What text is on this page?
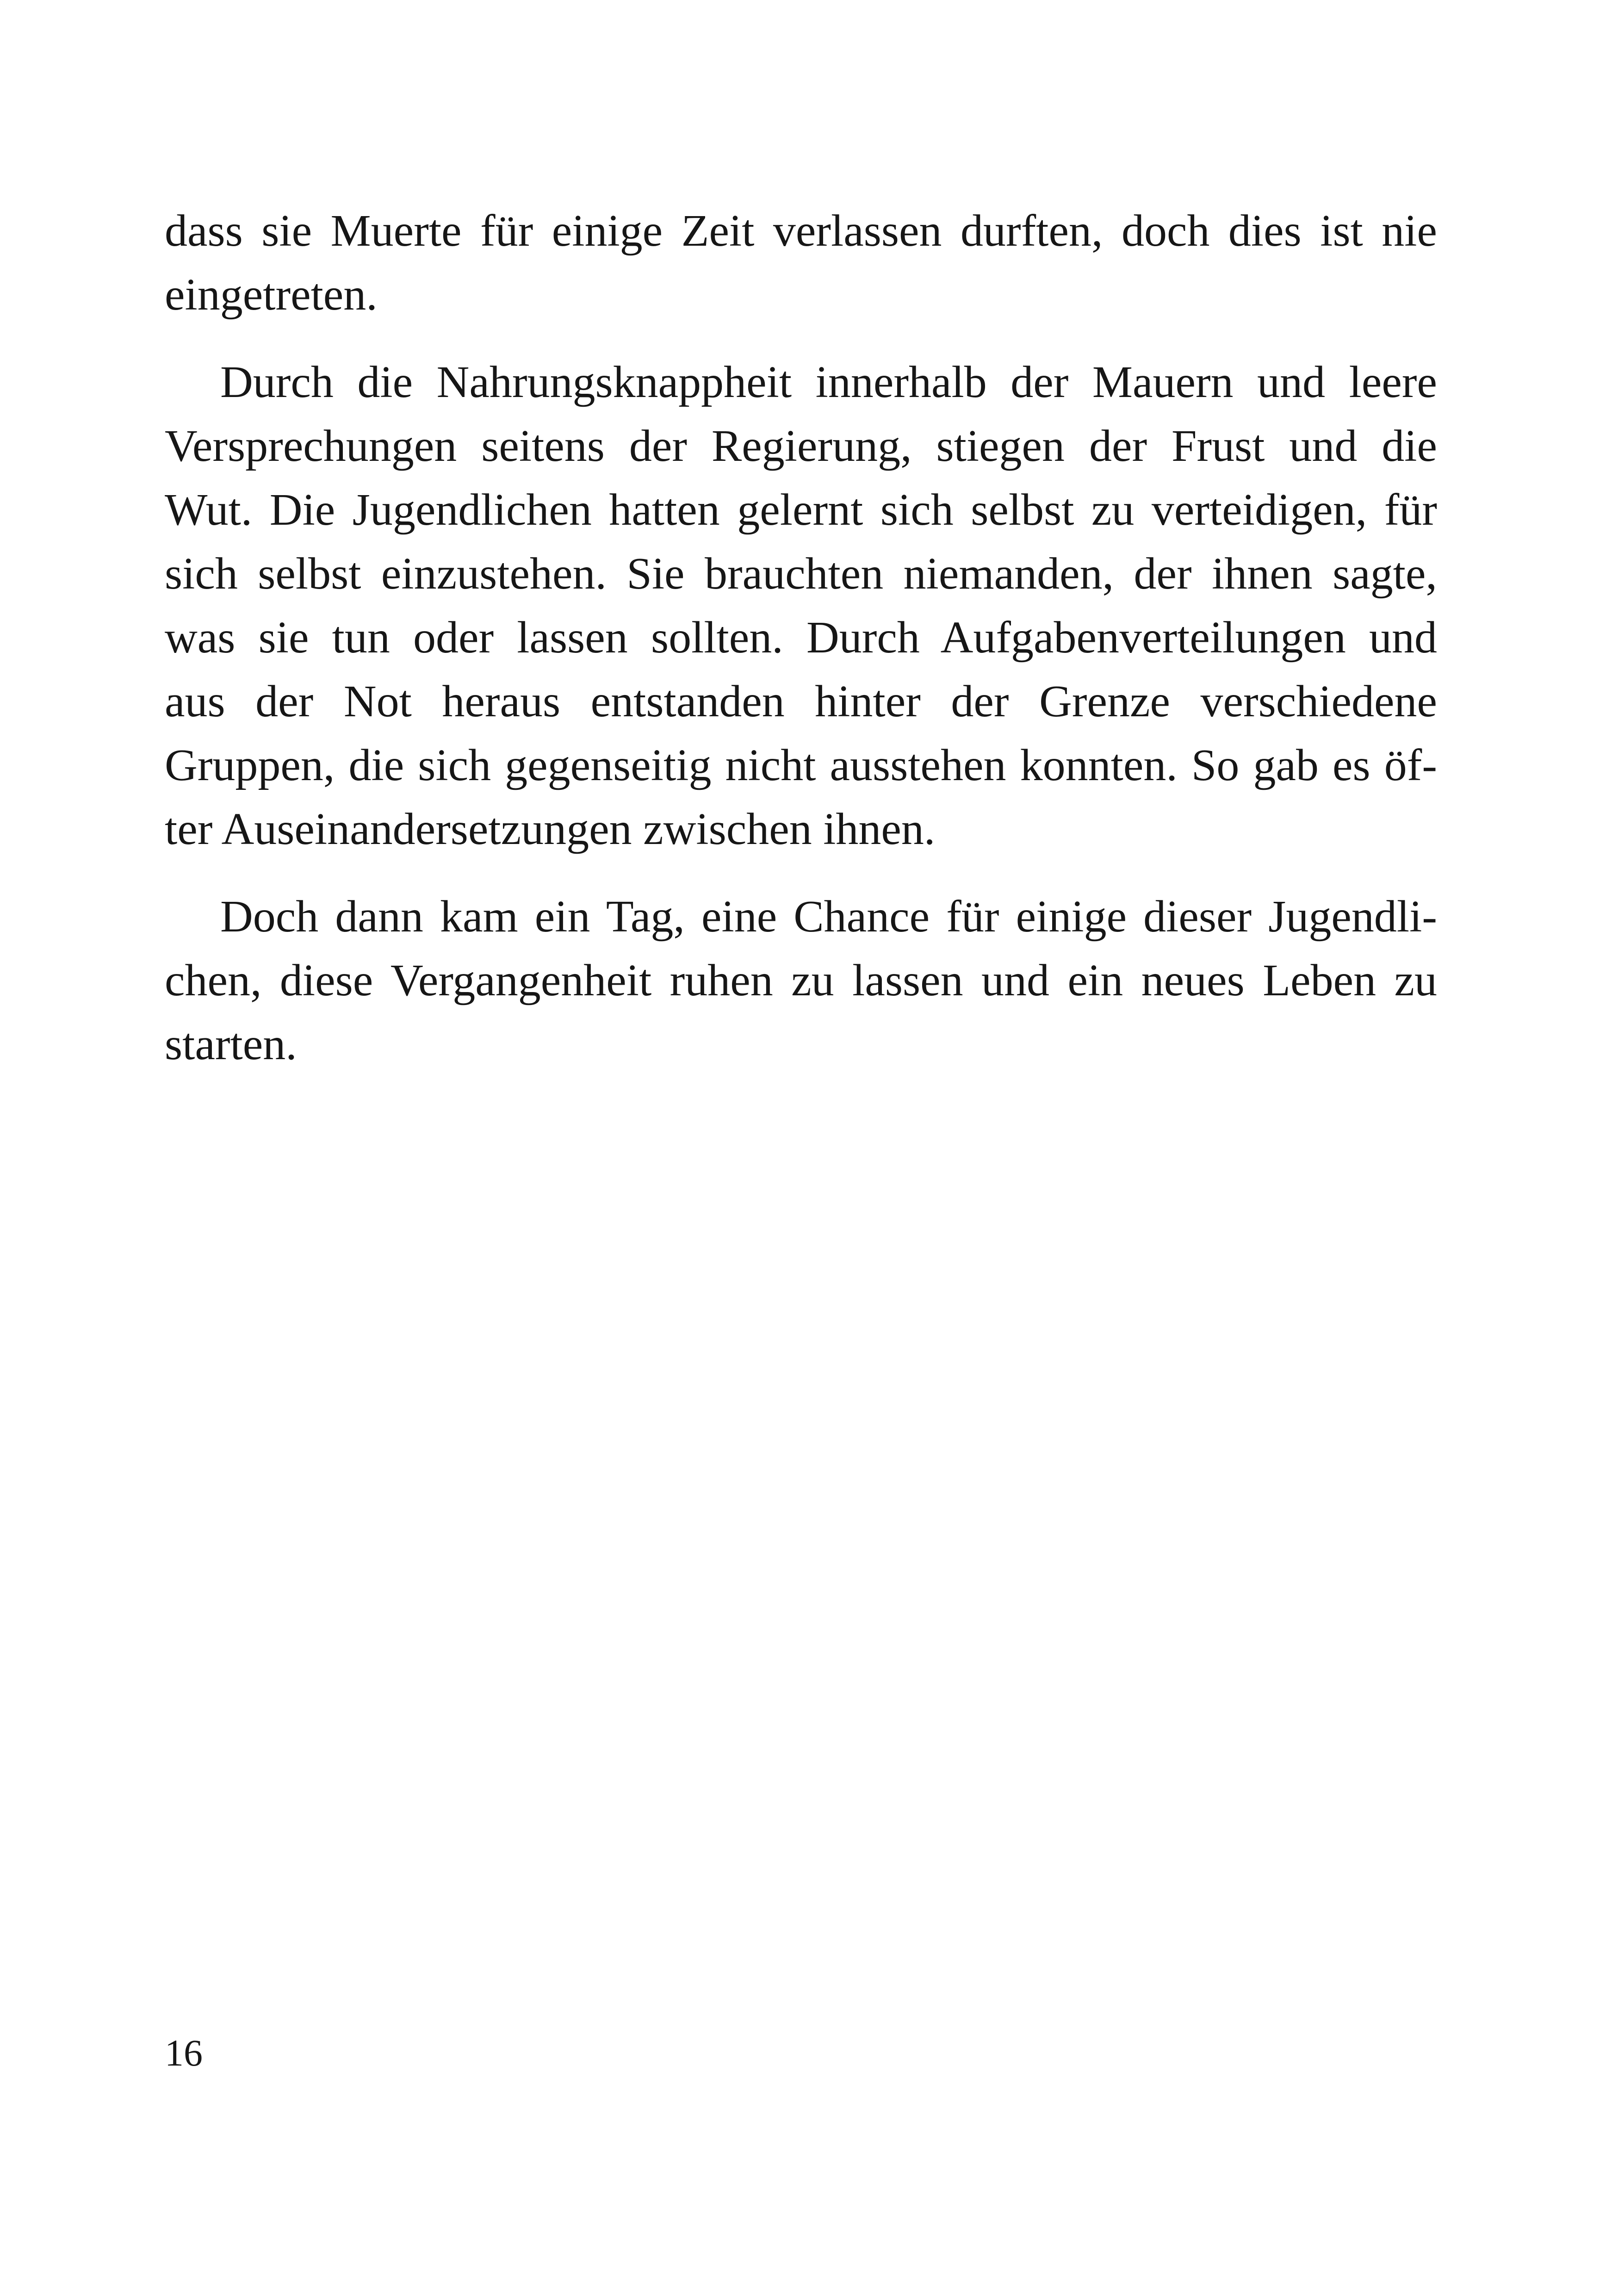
dass sie Muerte für einige Zeit verlassen durften, doch dies ist nie
eingetreten.

Durch die Nahrungsknappheit innerhalb der Mauern und leere
Versprechungen seitens der Regierung, stiegen der Frust und die
Wut. Die Jugendlichen hatten gelernt sich selbst zu verteidigen, für
sich selbst einzustehen. Sie brauchten niemanden, der ihnen sagte,
was sie tun oder lassen sollten. Durch Aufgabenverteilungen und
aus der Not heraus entstanden hinter der Grenze verschiedene
Gruppen, die sich gegenseitig nicht ausstehen konnten. So gab es öf-
ter Auseinandersetzungen zwischen ihnen.

Doch dann kam ein Tag, eine Chance für einige dieser Jugendli-
chen, diese Vergangenheit ruhen zu lassen und ein neues Leben zu
starten.

16
